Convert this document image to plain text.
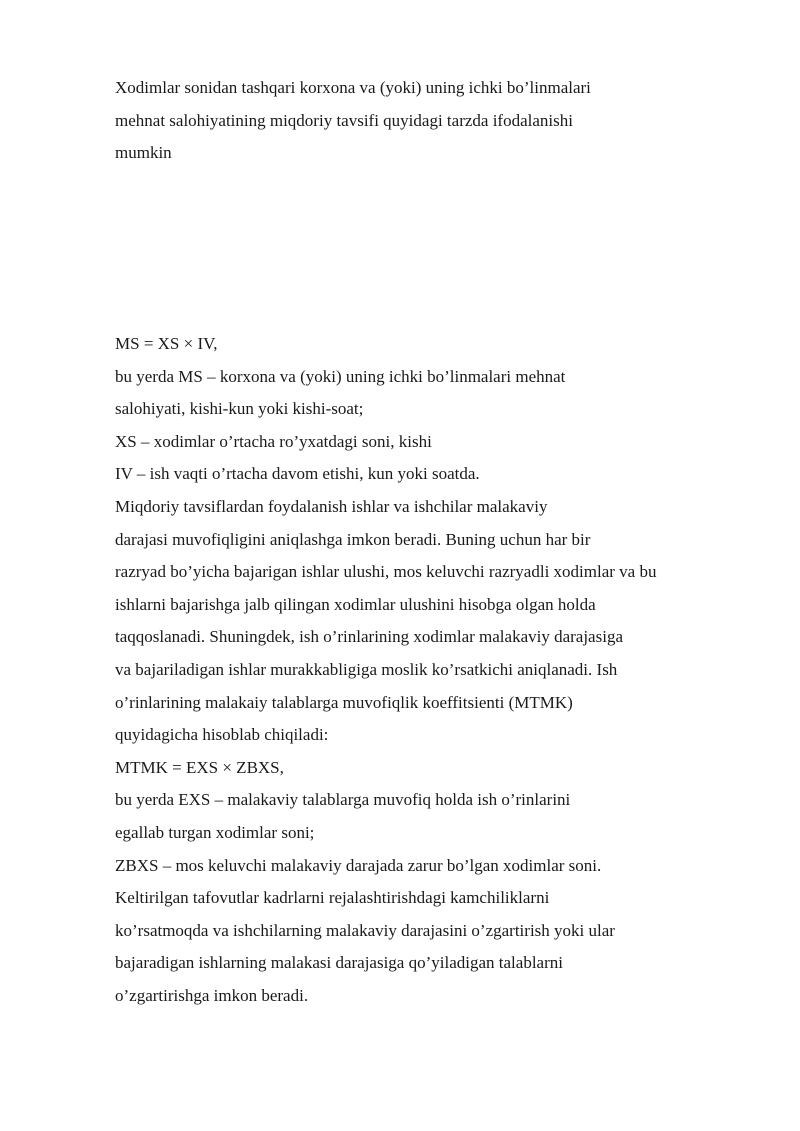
Xodimlar sonidan tashqari korxona va (yoki) uning ichki bo’linmalari
mehnat salohiyatining miqdoriy tavsifi quyidagi tarzda ifodalanishi
mumkin
MS = XS × IV,
bu yerda MS – korxona va (yoki) uning ichki bo’linmalari mehnat
salohiyati, kishi-kun yoki kishi-soat;
XS – xodimlar o’rtacha ro’yxatdagi soni, kishi
IV – ish vaqti o’rtacha davom etishi, kun yoki soatda.
Miqdoriy tavsiflardan foydalanish ishlar va ishchilar malakaviy
darajasi muvofiqligini aniqlashga imkon beradi. Buning uchun har bir
razryad bo’yicha bajarigan ishlar ulushi, mos keluvchi razryadli xodimlar va bu
ishlarni bajarishga jalb qilingan xodimlar ulushini hisobga olgan holda
taqqoslanadi. Shuningdek, ish o’rinlarining xodimlar malakaviy darajasiga
va bajariladigan ishlar murakkabligiga moslik ko’rsatkichi aniqlanadi. Ish
o’rinlarining malakaiy talablarga muvofiqlik koeffitsienti (MTMK)
quyidagicha hisoblab chiqiladi:
MTMK = EXS × ZBXS,
bu yerda EXS – malakaviy talablarga muvofiq holda ish o’rinlarini
egallab turgan xodimlar soni;
ZBXS – mos keluvchi malakaviy darajada zarur bo’lgan xodimlar soni.
Keltirilgan tafovutlar kadrlarni rejalashtirishdagi kamchiliklarni
ko’rsatmoqda va ishchilarning malakaviy darajasini o’zgartirish yoki ular
bajaradigan ishlarning malakasi darajasiga qo’yiladigan talablarni
o’zgartirishga imkon beradi.
